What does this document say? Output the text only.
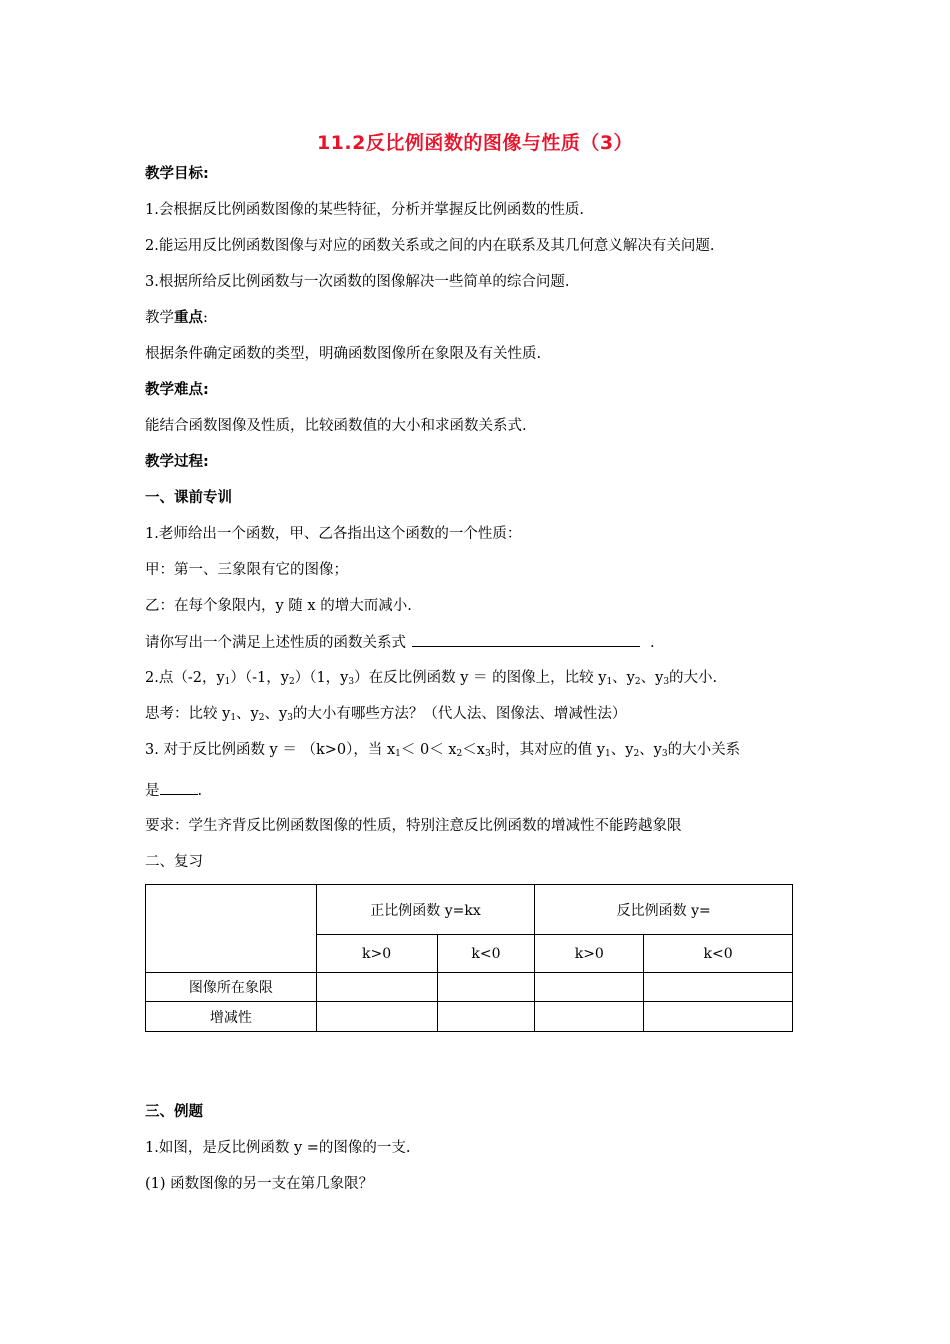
11.2反比例函数的图像与性质（3）
教学目标:
1.会根据反比例函数图像的某些特征，分析并掌握反比例函数的性质.
2.能运用反比例函数图像与对应的函数关系或之间的内在联系及其几何意义解决有关问题.
3.根据所给反比例函数与一次函数的图像解决一些简单的综合问题.
教学重点:
根据条件确定函数的类型，明确函数图像所在象限及有关性质.
教学难点:
能结合函数图像及性质，比较函数值的大小和求函数关系式.
教学过程:
一、课前专训
1.老师给出一个函数，甲、乙各指出这个函数的一个性质：
甲：第一、三象限有它的图像；
乙：在每个象限内，y 随 x 的增大而减小.
请你写出一个满足上述性质的函数关系式	.
2.点（-2，$y_1)(-1$，$y_2)(1$，$y_3$）在反比例函数 y ＝ 的图像上，比较 $y_1$、$y_2$、$y_3$的大小.
思考：比较 $y_1$、$y_2$、$y_3$的大小有哪些方法？（代人法、图像法、增减性法）
3. 对于反比例函数 y ＝ （k>0），当 $x_1< 0< x_2<x_3$时，其对应的值 $y_1$、$y_2$、$y_3$的大小关系
是	.
要求：学生齐背反比例函数图像的性质，特别注意反比例函数的增减性不能跨越象限
二、复习
	正比例函数 y=kx		反比例函数 y=	
	k>0	k<0	k>0	k<0
图像所在象限				
增减性				
三、例题
1.如图，是反比例函数 y =的图像的一支.
(1) 函数图像的另一支在第几象限？
